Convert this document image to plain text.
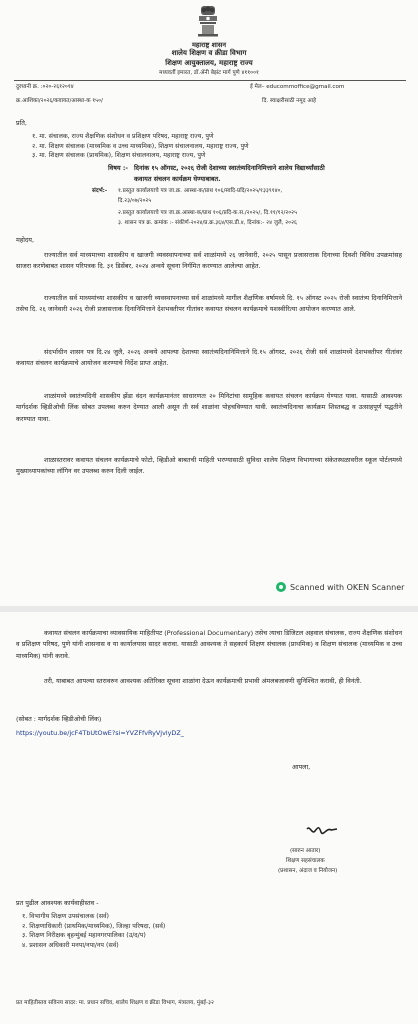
महाराष्ट्र शासन
शालेय शिक्षण व क्रीडा विभाग
शिक्षण आयुक्तालय, महाराष्ट्र राज्य
मध्यवर्ती इमारत, डॉ.ॲनी बेझंट मार्ग पुणे ४११००१
दुरध्वनी क्र. :०२०-२६१२०१४	ई मेल– educommoffice@gmail.com
क्र.आशिका/२०२६/कवायत/आस्था-क १५०/	दि. स्वाक्षरीसाठी नमूद आहे
प्रति,
१. मा. संचालक, राज्य शैक्षणिक संशोधन व प्रशिक्षण परिषद, महाराष्ट्र राज्य, पुणे
२. मा. शिक्षण संचालक (माध्यमिक व उच्च माध्यमिक), शिक्षण संचालनालय, महाराष्ट्र राज्य, पुणे
३. मा. शिक्षण संचालक (प्राथमिक), शिक्षण संचालनालय, महाराष्ट्र राज्य, पुणे
विषय :- दिनांक १५ ऑगस्ट, २०२६ रोजी देशाच्या स्वातंत्र्यदिनानिमित्ताने शालेय विद्यार्थ्यांसाठी
कवायत संचलन कार्यक्रम घेण्याबाबत.
संदर्भ:- १.प्रस्तुत कार्यालयाचे पत्र जा.क्र. आस्था-क/प्राथ १०६/स्वदि-प्रदि/२०२५/१३३९१४०,
दि.२३/०७/२०२५
२.प्रस्तुत कार्यालयाचे पत्र जा.क्र.आस्था-क/प्राथ १०६/प्रदि-क.स./२०२५/, दि.११/१२/२०२५
३. शासन पत्र क्र. क्रमांक :- संकीर्ण-२०२४/प्र.क्र.३६४/एस.डी.४, दिनांक:- २४ जुलै, २०२६
महोदय,
राज्यातील सर्व माध्यमाच्या शासकीय व खाजगी व्यवस्थापनाच्या सर्व शाळांमध्ये २६ जानेवारी, २०२५ पासून प्रजासत्ताक दिनाच्या दिवशी विविध उपक्रमांसह साजरा करणेबाबत शासन परिपत्रक दि. ३१ डिसेंबर, २०२४ अन्वये सूचना निर्गमित करण्यात आलेल्या आहेत.
राज्यातील सर्व माध्यमांच्या शासकीय व खाजगी व्यवस्थापनाच्या सर्व शाळांमध्ये मागील शैक्षणिक वर्षामध्ये दि. १५ ऑगस्ट २०२५ रोजी स्वातंत्र्य दिनानिमित्ताने तसेच दि. २६ जानेवारी २०२६ रोजी प्रजासत्ताक दिनानिमित्ताने देशभक्तीपर गीतांवर कवायत संचलन कार्यक्रमाचे यशस्वीरित्या आयोजन करण्यात आले.
संदर्भाधीन शासन पत्र दि.२४ जुलै, २०२६ अन्वये आपल्या देशाच्या स्वातंत्र्यदिनानिमित्ताने दि.१५ ऑगस्ट, २०२६ रोजी सर्व शाळांमध्ये देशभक्तीपर गीतांवर कवायत संचलन कार्यक्रमाचे आयोजन करण्याचे निर्देश प्राप्त आहेत.
शाळांमध्ये स्वातंत्र्यदिनी शासकीय झेंडा वंदन कार्यक्रमानंतर साधारणतः २० मिनिटांचा सामूहिक कवायत संचलन कार्यक्रम घेण्यात यावा. यासाठी आवश्यक मार्गदर्शक व्हिडीओची लिंक सोबत उपलब्ध करुन देण्यात आली असून ती सर्व शाळांना पोहचविण्यात यावी. स्वातंत्र्यदिनाचा कार्यक्रम शिस्तबद्ध व उत्साहपूर्ण पद्धतीने करण्यात यावा.
शाळास्तरावर कवायत संचलन कार्यक्रमाचे फोटो, व्हिडीओ बाबतची माहिती भरण्यासाठी सुविधा शालेय शिक्षण विभागाच्या संकेतस्थळावरील स्कूल पोर्टलमध्ये मुख्याध्यापकांच्या लॉगिन वर उपलब्ध करुन दिली जाईल.
Scanned with OKEN Scanner
कवायत संचलन कार्यक्रमाचा व्यावसायिक माहितीपट (Professional Documentary) तसेच त्याचा डिजिटल अहवाल संचालक, राज्य शैक्षणिक संशोधन व प्रशिक्षण परिषद, पुणे यांनी शासनास व या कार्यालयास सादर करावा. यासाठी आवश्यक ते सहकार्य शिक्षण संचालक (प्राथमिक) व शिक्षण संचालक (माध्यमिक व उच्च माध्यमिक) यांनी करावे.
तरी, याबाबत आपल्या स्तरावरुन आवश्यक अतिरिक्त सूचना शाळांना देऊन कार्यक्रमाची प्रभावी अंमलबजावणी सुनिश्चित करावी, ही विनंती.
(सोबत : मार्गदर्शक व्हिडीओची लिंक)
https://youtu.be/jcF4TbUtOwE?si=YVZFfvRyVjvlyDZ_
आपला,
(सारुन आतार)
शिक्षण सहसंचालक
(प्रशासन, अंदाज व नियोजन)
प्रत पुढील आवश्यक कार्यवाहीस्तव -
१. विभागीय शिक्षण उपसंचालक (सर्व)
२. शिक्षणाधिकारी (प्राथमिक/माध्यमिक), जिल्हा परिषदा, (सर्व)
३. शिक्षण निरीक्षक बृहन्मुंबई महानगरपालिका (उ/द/प)
४. प्रशासन अधिकारी मनपा/नपा/नप (सर्व)
प्रत माहितीस्तव सविनय सादर: मा. प्रधान सचिव, शालेय शिक्षण व क्रीडा विभाग, मंत्रालय, मुंबई-३२
